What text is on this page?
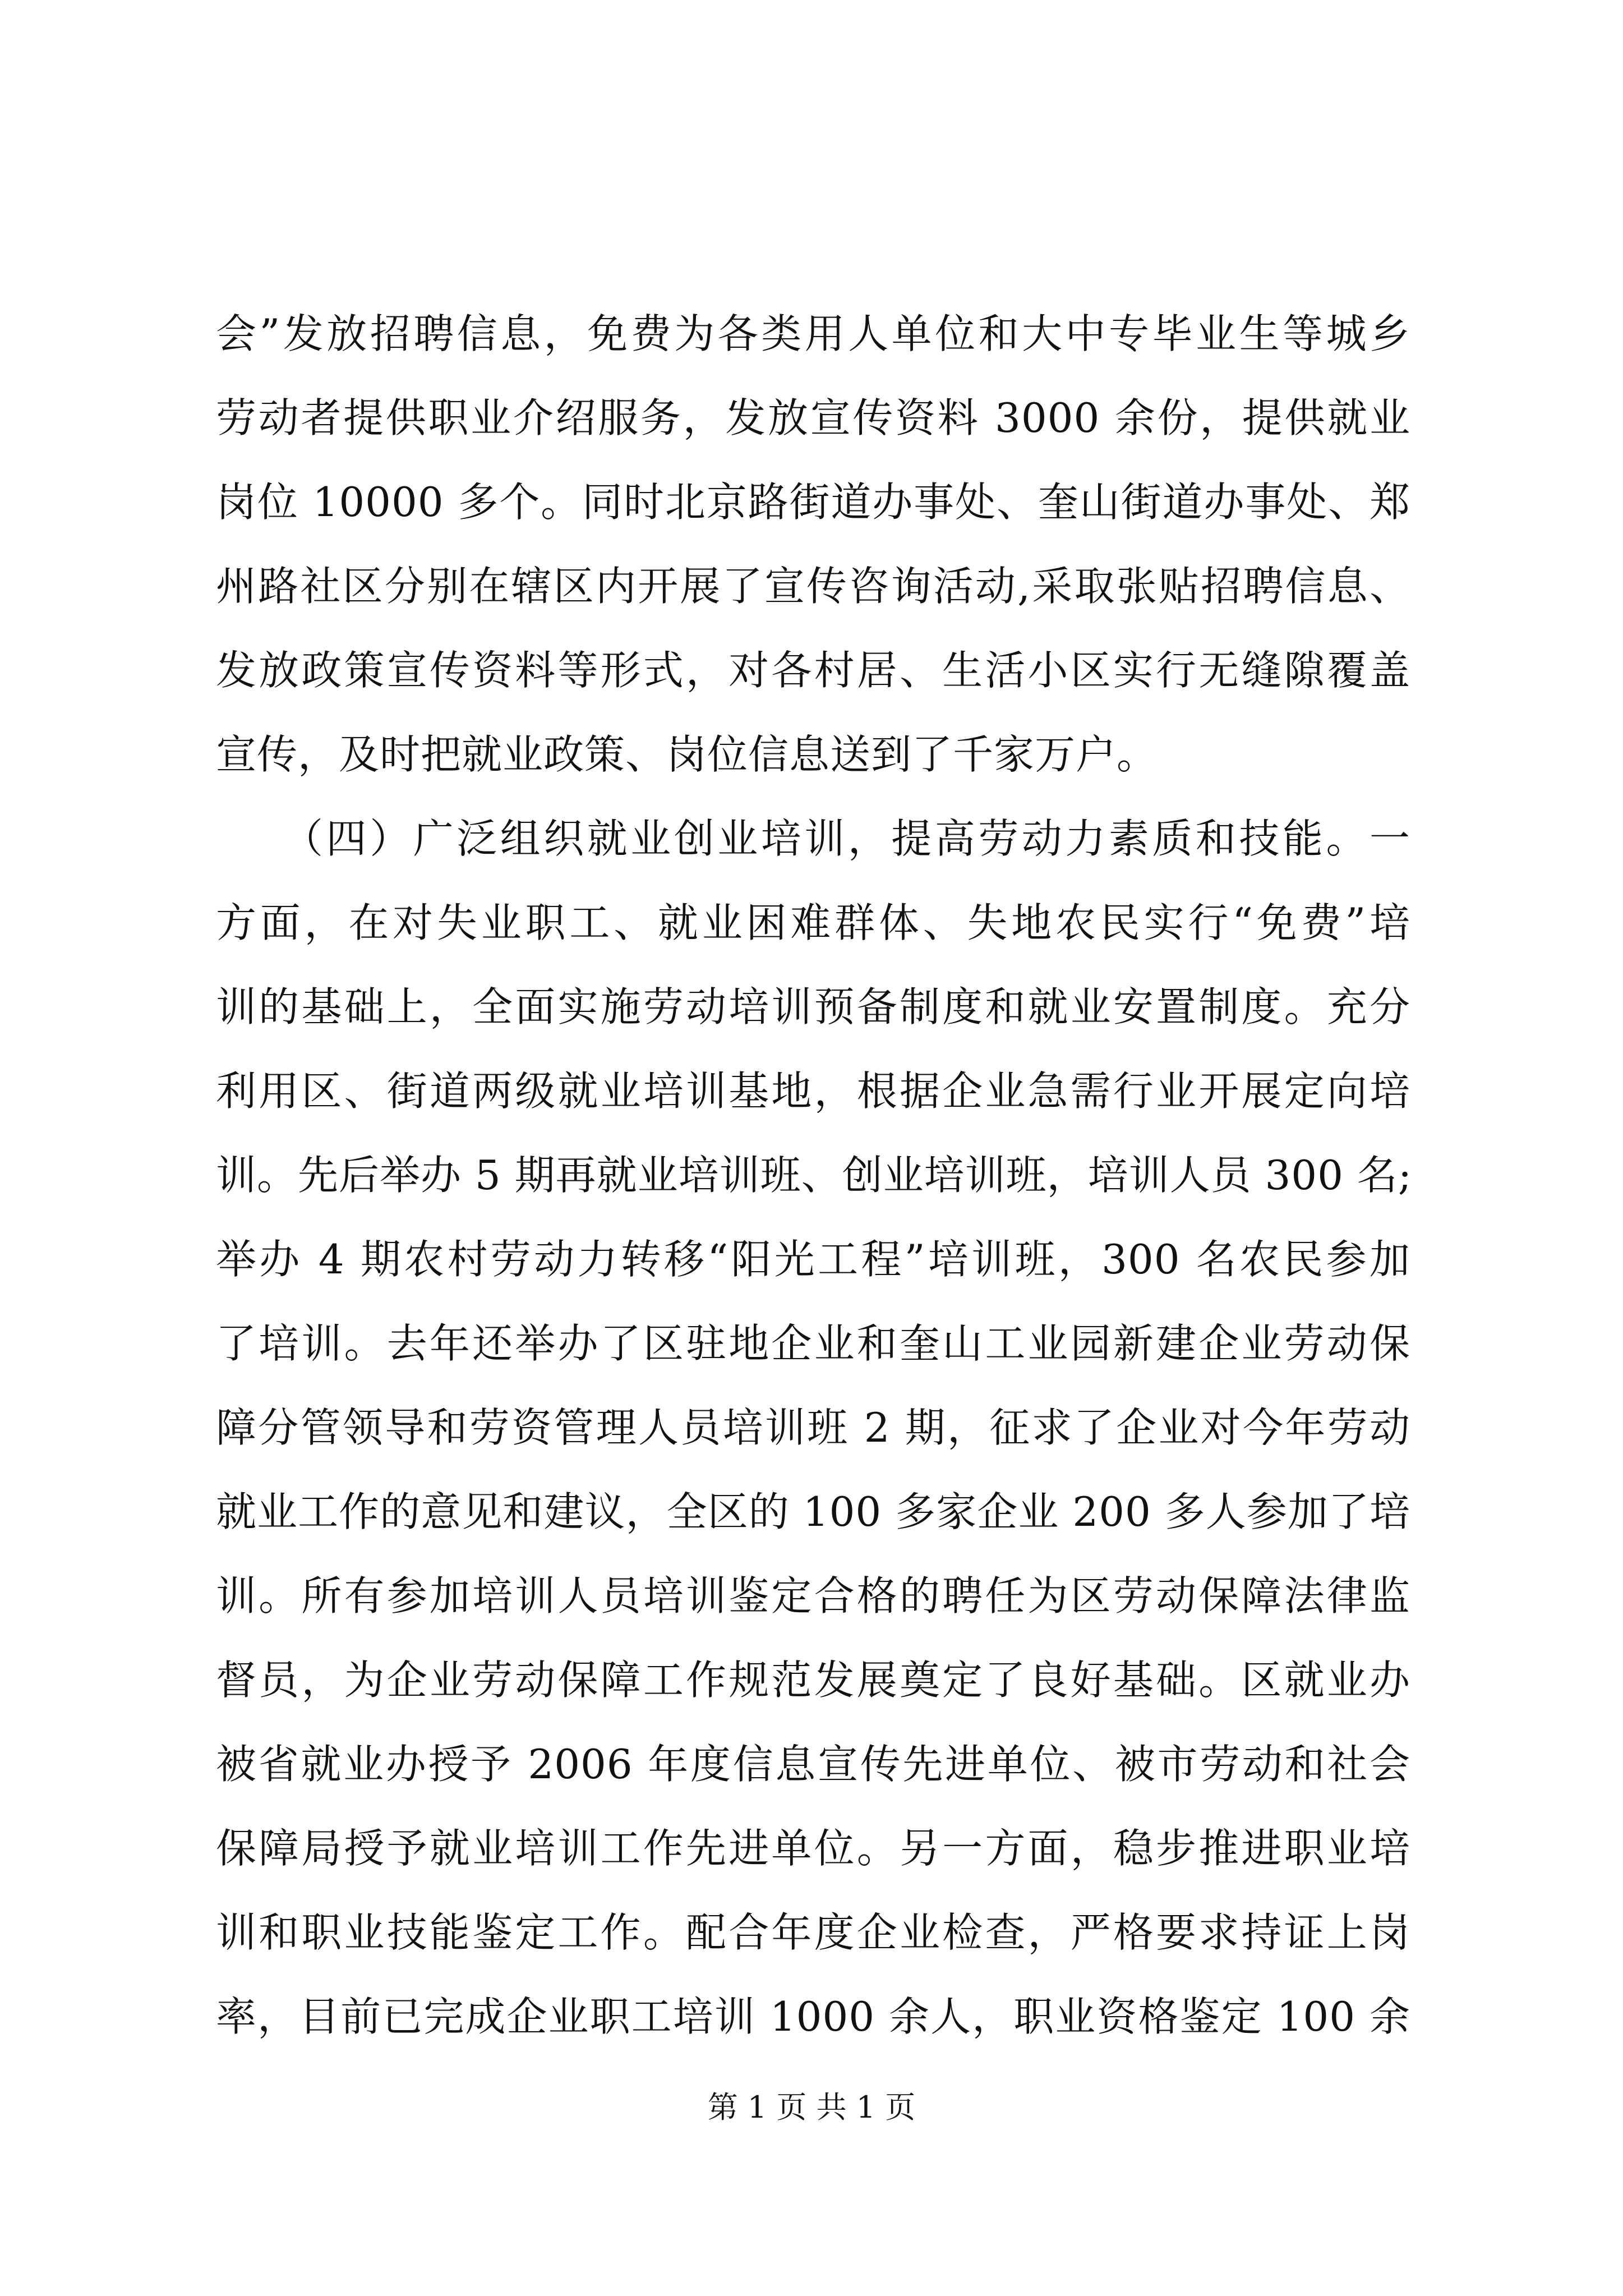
会”发放招聘信息，免费为各类用人单位和大中专毕业生等城乡
劳动者提供职业介绍服务，发放宣传资料 3000 余份，提供就业
岗位 10000 多个。同时北京路街道办事处、奎山街道办事处、郑
州路社区分别在辖区内开展了宣传咨询活动,采取张贴招聘信息、
发放政策宣传资料等形式，对各村居、生活小区实行无缝隙覆盖
宣传，及时把就业政策、岗位信息送到了千家万户。
　　（四）广泛组织就业创业培训，提高劳动力素质和技能。一
方面，在对失业职工、就业困难群体、失地农民实行“免费”培
训的基础上，全面实施劳动培训预备制度和就业安置制度。充分
利用区、街道两级就业培训基地，根据企业急需行业开展定向培
训。先后举办 5 期再就业培训班、创业培训班，培训人员 300 名;
举办 4 期农村劳动力转移“阳光工程”培训班，300 名农民参加
了培训。去年还举办了区驻地企业和奎山工业园新建企业劳动保
障分管领导和劳资管理人员培训班 2 期，征求了企业对今年劳动
就业工作的意见和建议，全区的 100 多家企业 200 多人参加了培
训。所有参加培训人员培训鉴定合格的聘任为区劳动保障法律监
督员，为企业劳动保障工作规范发展奠定了良好基础。区就业办
被省就业办授予 2006 年度信息宣传先进单位、被市劳动和社会
保障局授予就业培训工作先进单位。另一方面，稳步推进职业培
训和职业技能鉴定工作。配合年度企业检查，严格要求持证上岗
率，目前已完成企业职工培训 1000 余人，职业资格鉴定 100 余
第 1 页 共 1 页
